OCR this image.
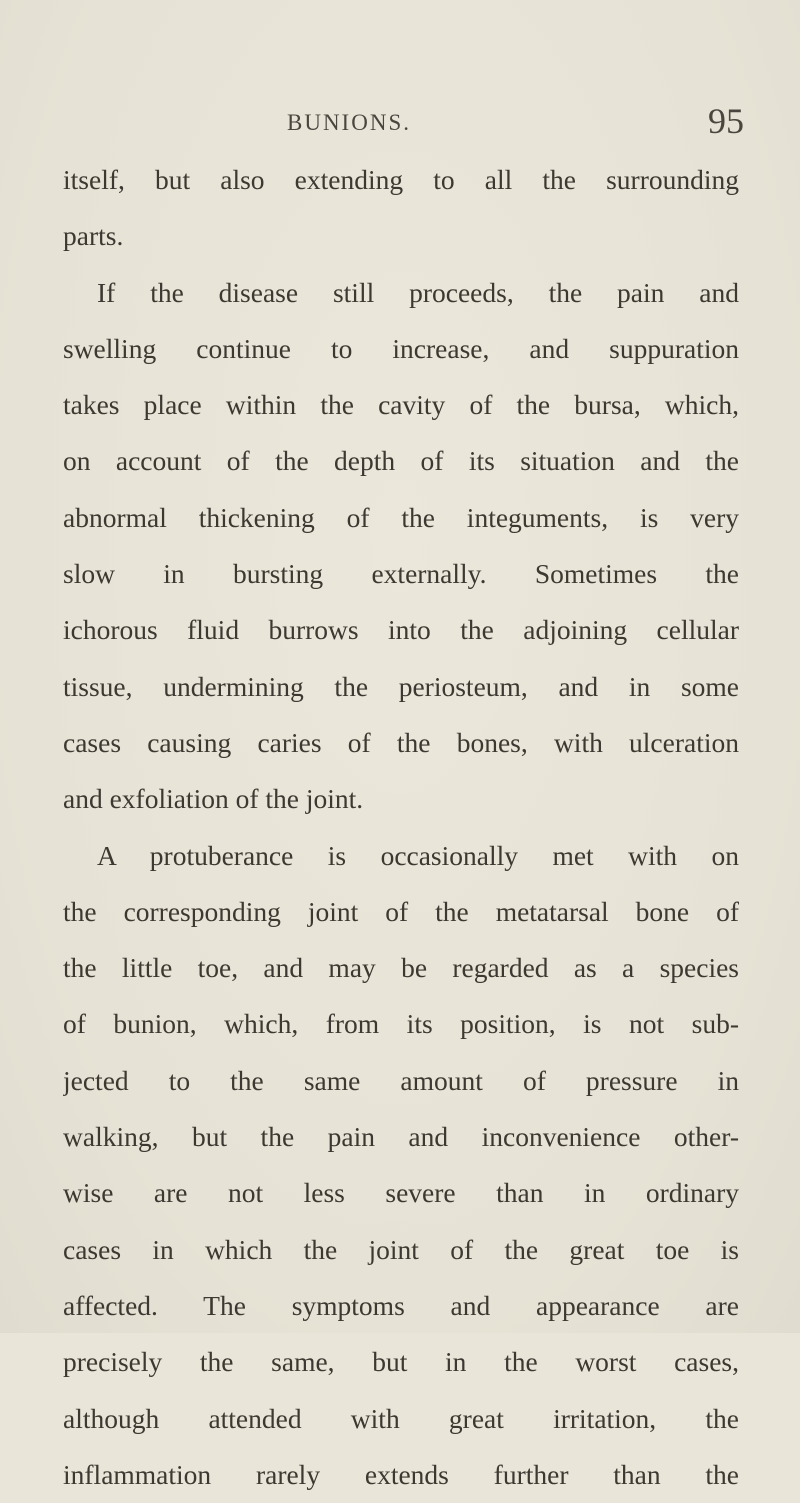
BUNIONS.	95
itself, but also extending to all the surrounding
parts.
If the disease still proceeds, the pain and
swelling continue to increase, and suppuration
takes place within the cavity of the bursa, which,
on account of the depth of its situation and the
abnormal thickening of the integuments, is very
slow in bursting externally. Sometimes the
ichorous fluid burrows into the adjoining cellular
tissue, undermining the periosteum, and in some
cases causing caries of the bones, with ulceration
and exfoliation of the joint.
A protuberance is occasionally met with on
the corresponding joint of the metatarsal bone of
the little toe, and may be regarded as a species
of bunion, which, from its position, is not sub-
jected to the same amount of pressure in
walking, but the pain and inconvenience other-
wise are not less severe than in ordinary
cases in which the joint of the great toe is
affected. The symptoms and appearance are
precisely the same, but in the worst cases,
although attended with great irritation, the
inflammation rarely extends further than the
